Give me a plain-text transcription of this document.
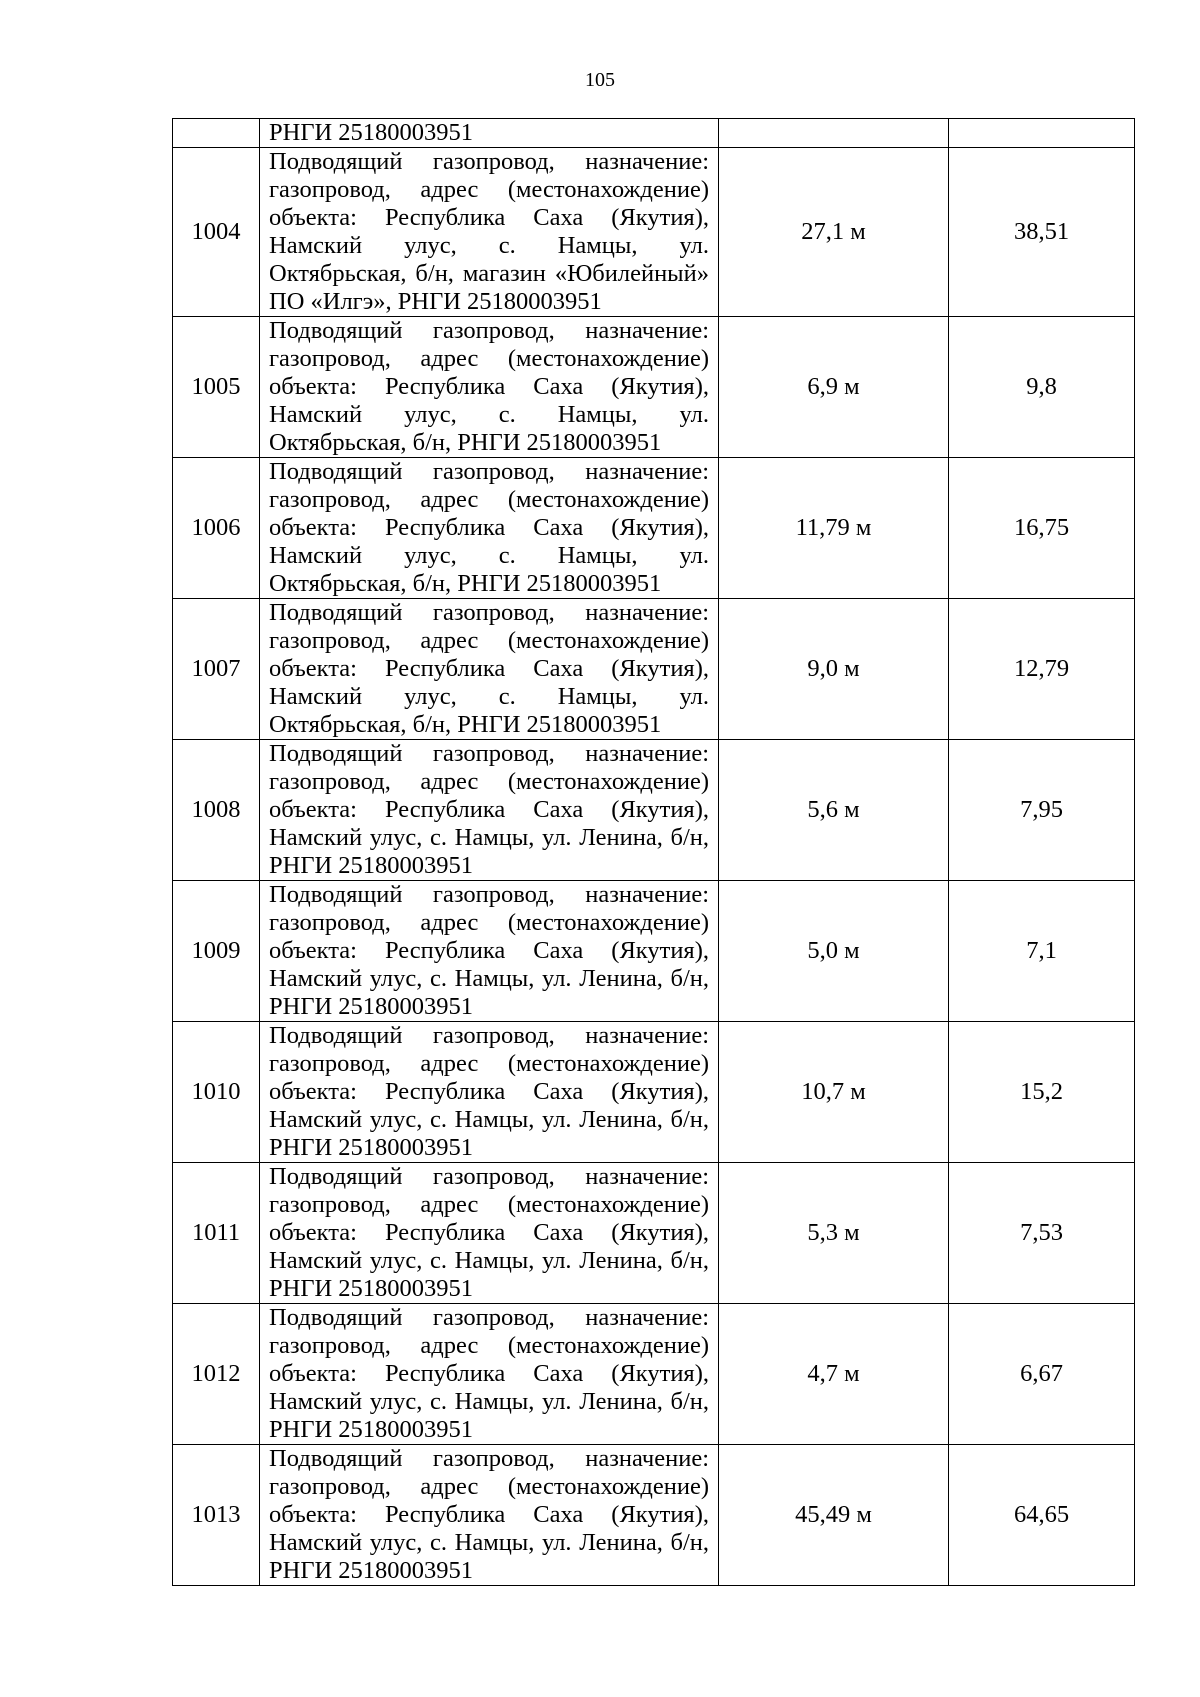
105
	РНГИ 25180003951		
1004	Подводящий газопровод, назначение: газопровод, адрес (местонахождение) объекта: Республика Саха (Якутия), Намский улус, с. Намцы, ул. Октябрьская, б/н, магазин «Юбилейный» ПО «Илгэ», РНГИ 25180003951	27,1 м	38,51
1005	Подводящий газопровод, назначение: газопровод, адрес (местонахождение) объекта: Республика Саха (Якутия), Намский улус, с. Намцы, ул. Октябрьская, б/н, РНГИ 25180003951	6,9 м	9,8
1006	Подводящий газопровод, назначение: газопровод, адрес (местонахождение) объекта: Республика Саха (Якутия), Намский улус, с. Намцы, ул. Октябрьская, б/н, РНГИ 25180003951	11,79 м	16,75
1007	Подводящий газопровод, назначение: газопровод, адрес (местонахождение) объекта: Республика Саха (Якутия), Намский улус, с. Намцы, ул. Октябрьская, б/н, РНГИ 25180003951	9,0 м	12,79
1008	Подводящий газопровод, назначение: газопровод, адрес (местонахождение) объекта: Республика Саха (Якутия), Намский улус, с. Намцы, ул. Ленина, б/н, РНГИ 25180003951	5,6 м	7,95
1009	Подводящий газопровод, назначение: газопровод, адрес (местонахождение) объекта: Республика Саха (Якутия), Намский улус, с. Намцы, ул. Ленина, б/н, РНГИ 25180003951	5,0 м	7,1
1010	Подводящий газопровод, назначение: газопровод, адрес (местонахождение) объекта: Республика Саха (Якутия), Намский улус, с. Намцы, ул. Ленина, б/н, РНГИ 25180003951	10,7 м	15,2
1011	Подводящий газопровод, назначение: газопровод, адрес (местонахождение) объекта: Республика Саха (Якутия), Намский улус, с. Намцы, ул. Ленина, б/н, РНГИ 25180003951	5,3 м	7,53
1012	Подводящий газопровод, назначение: газопровод, адрес (местонахождение) объекта: Республика Саха (Якутия), Намский улус, с. Намцы, ул. Ленина, б/н, РНГИ 25180003951	4,7 м	6,67
1013	Подводящий газопровод, назначение: газопровод, адрес (местонахождение) объекта: Республика Саха (Якутия), Намский улус, с. Намцы, ул. Ленина, б/н, РНГИ 25180003951	45,49 м	64,65
